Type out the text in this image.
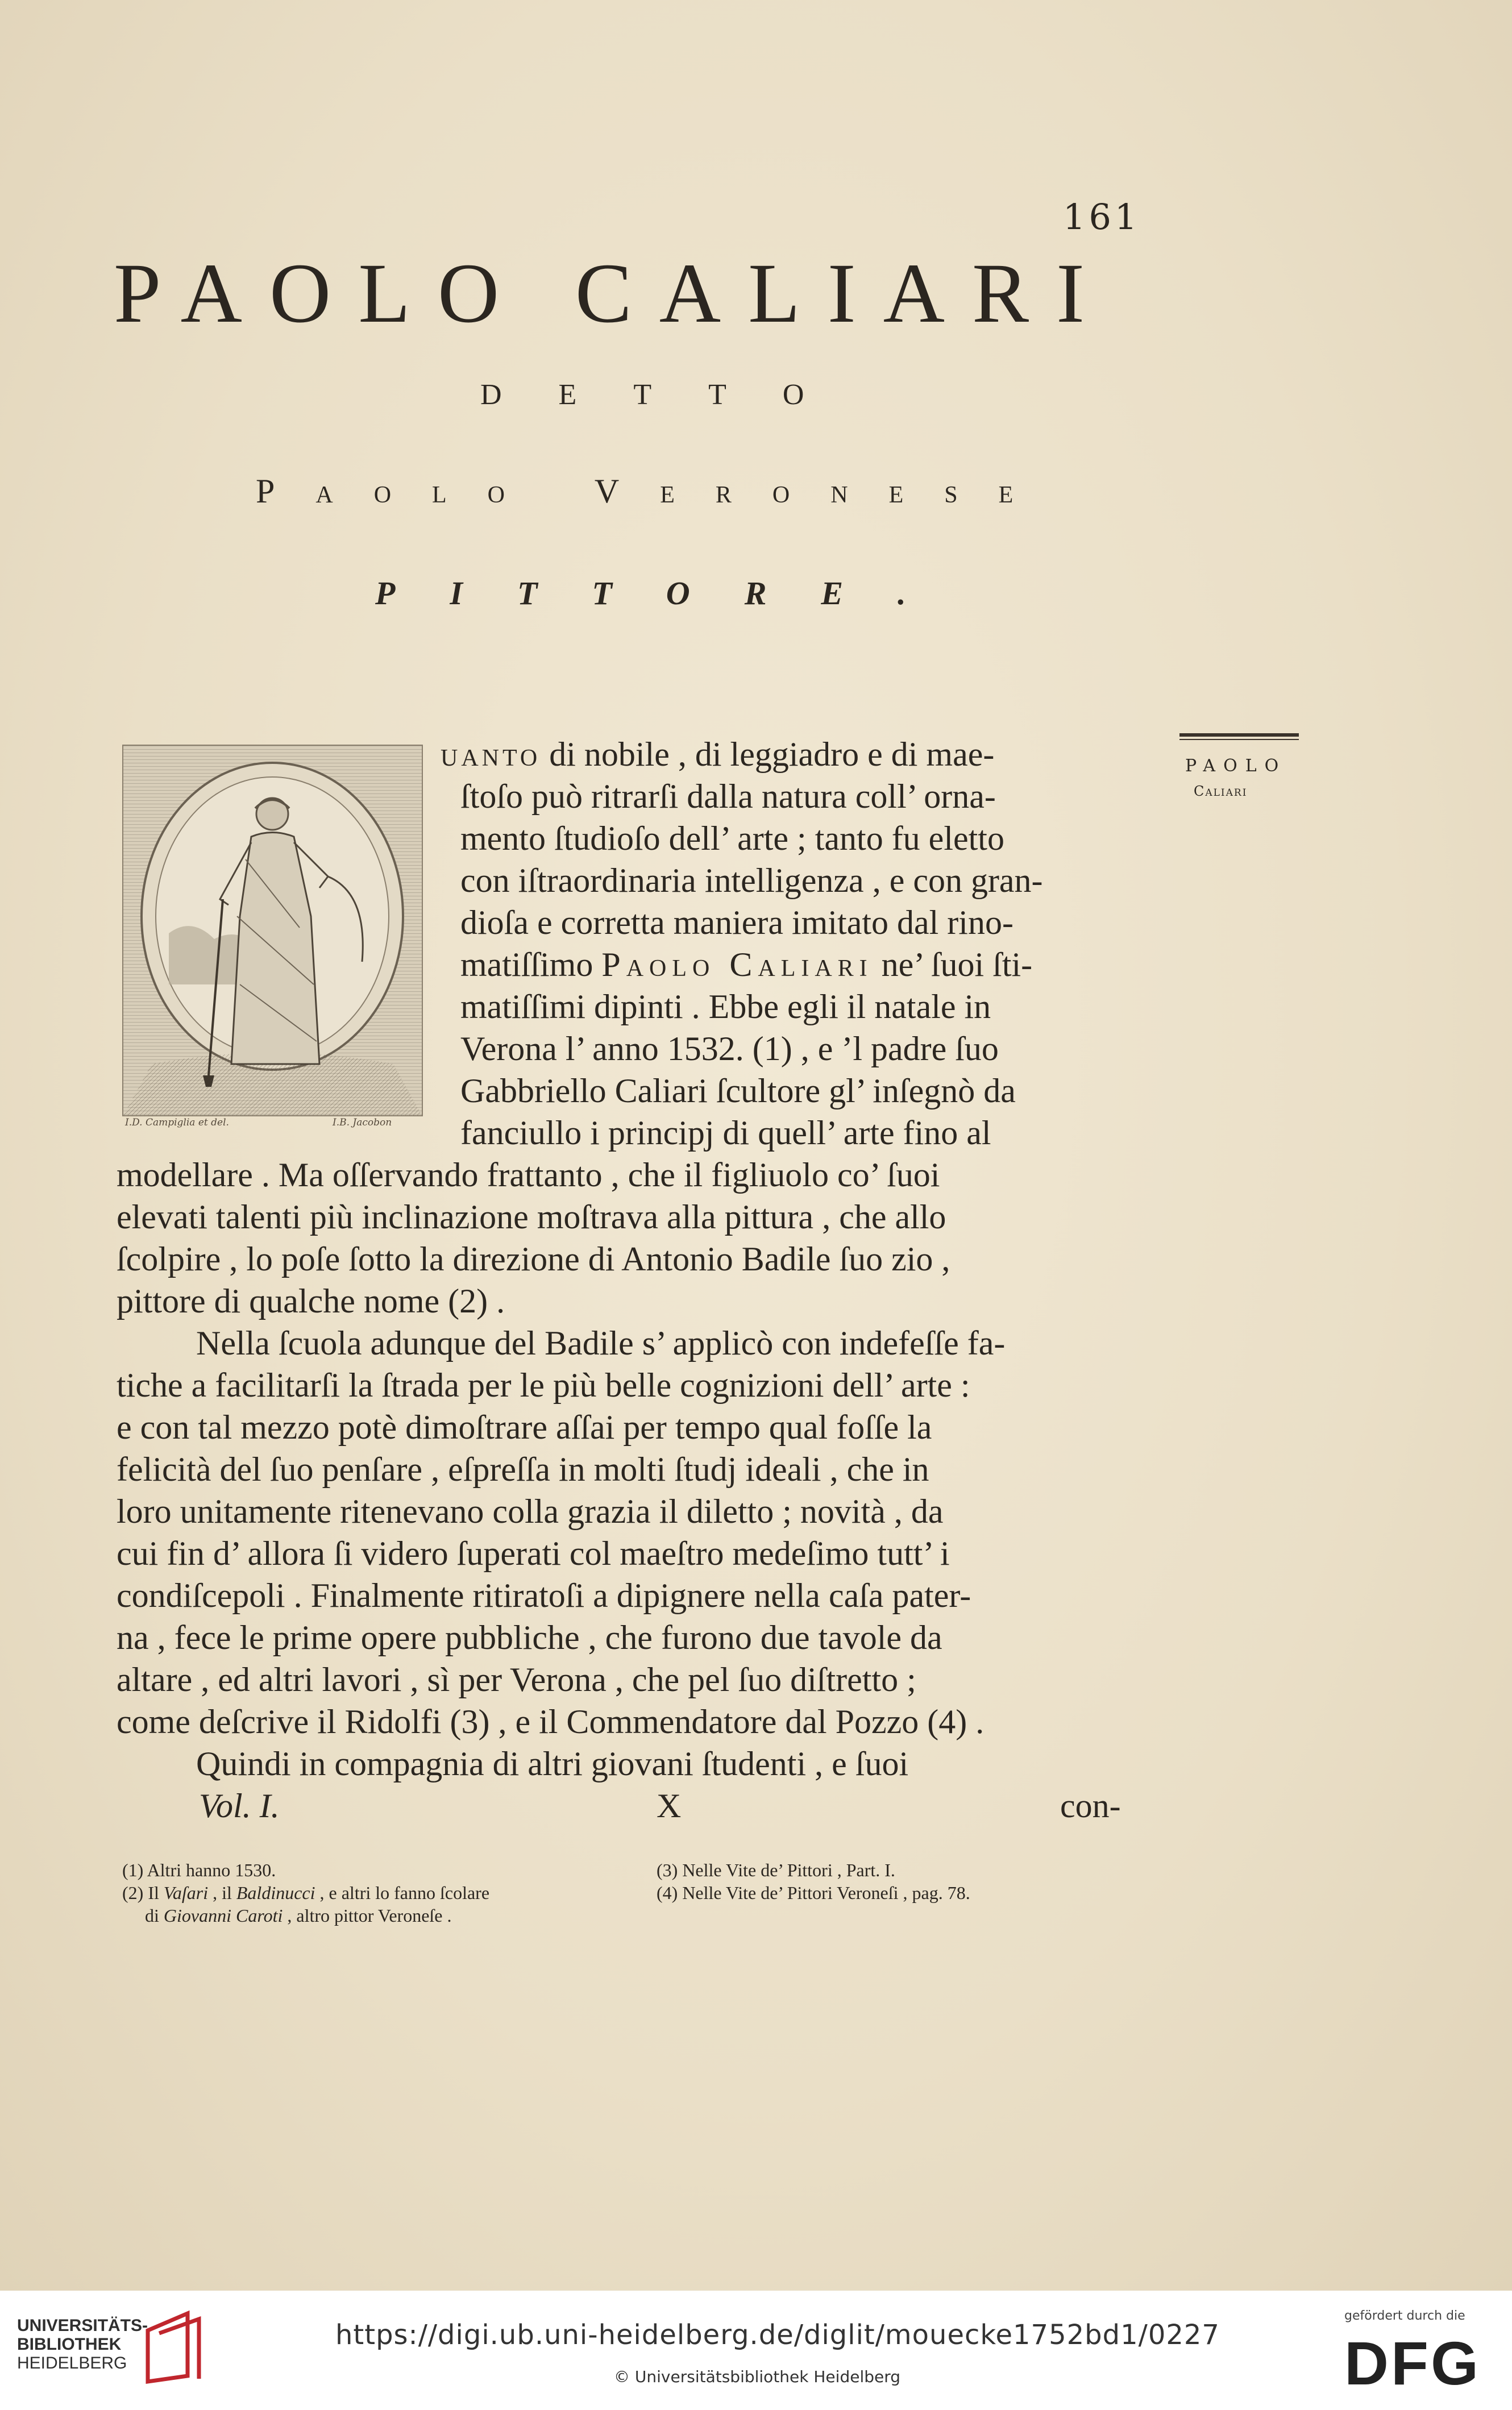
161
PAOLO CALIARI
DETTO
Paolo Veronese
PITTORE.
I.D. Campiglia et del.	I.B. Jacobon
PAOLO
Caliari
uanto di nobile , di leggiadro e di mae-
ſtoſo può ritrarſi dalla natura coll’ orna-
mento ſtudioſo dell’ arte ; tanto fu eletto
con iſtraordinaria intelligenza , e con gran-
dioſa e corretta maniera imitato dal rino-
matiſſimo Paolo Caliari ne’ ſuoi ſti-
matiſſimi dipinti . Ebbe egli il natale in
Verona l’ anno 1532. (1) , e ’l padre ſuo
Gabbriello Caliari ſcultore gl’ inſegnò da
fanciullo i principj di quell’ arte fino al
modellare . Ma oſſervando frattanto , che il figliuolo co’ ſuoi
elevati talenti più inclinazione moſtrava alla pittura , che allo
ſcolpire , lo poſe ſotto la direzione di Antonio Badile ſuo zio ,
pittore di qualche nome (2) .
Nella ſcuola adunque del Badile s’ applicò con indefeſſe fa-
tiche a facilitarſi la ſtrada per le più belle cognizioni dell’ arte :
e con tal mezzo potè dimoſtrare aſſai per tempo qual foſſe la
felicità del ſuo penſare , eſpreſſa in molti ſtudj ideali , che in
loro unitamente ritenevano colla grazia il diletto ; novità , da
cui fin d’ allora ſi videro ſuperati col maeſtro medeſimo tutt’ i
condiſcepoli . Finalmente ritiratoſi a dipignere nella caſa pater-
na , fece le prime opere pubbliche , che furono due tavole da
altare , ed altri lavori , sì per Verona , che pel ſuo diſtretto ;
come deſcrive il Ridolfi (3) , e il Commendatore dal Pozzo (4) .
Quindi in compagnia di altri giovani ſtudenti , e ſuoi
Vol. I.	X	con-
(1) Altri hanno 1530.
(2) Il Vaſari , il Baldinucci , e altri lo fanno ſcolare
di Giovanni Caroti , altro pittor Veroneſe .
(3) Nelle Vite de’ Pittori , Part. I.
(4) Nelle Vite de’ Pittori Veroneſi , pag. 78.
UNIVERSITÄTS-
BIBLIOTHEK
HEIDELBERG
https://digi.ub.uni-heidelberg.de/diglit/mouecke1752bd1/0227
© Universitätsbibliothek Heidelberg
gefördert durch die
DFG
